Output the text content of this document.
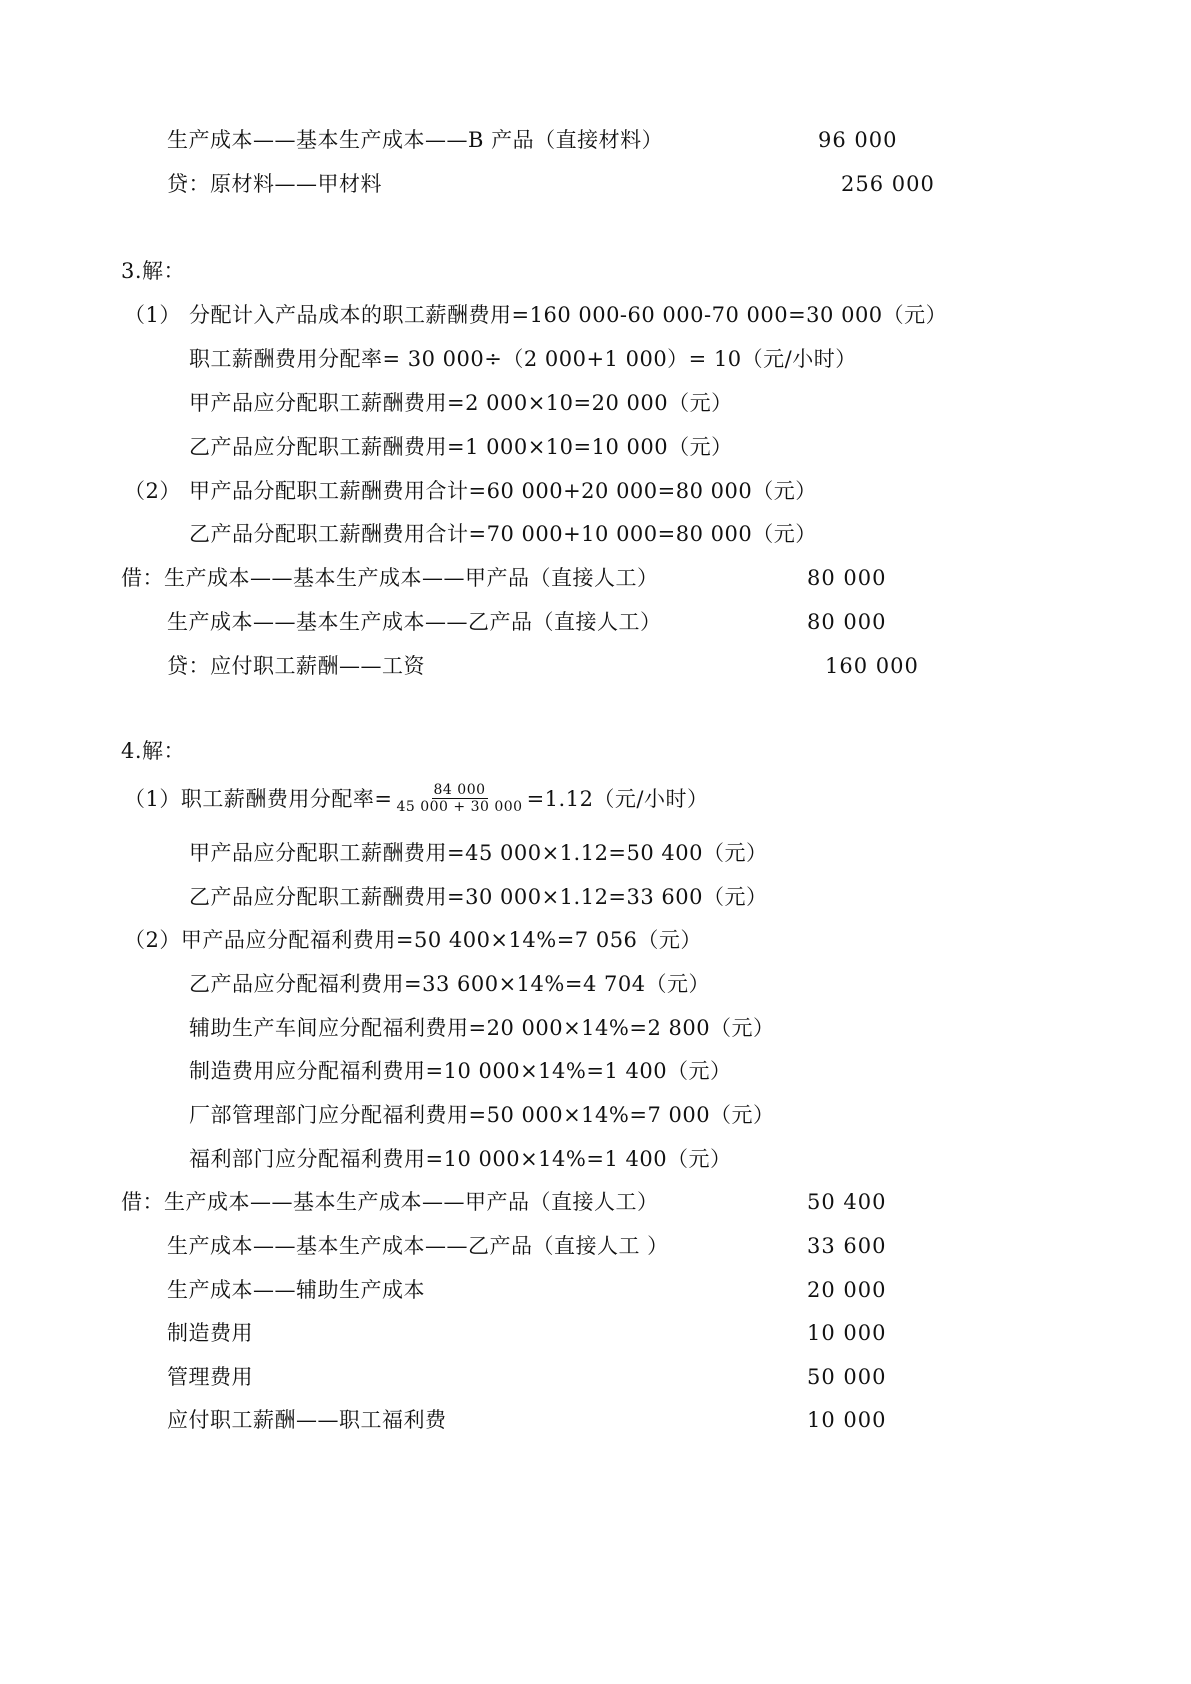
生产成本——基本生产成本——B 产品（直接材料）	96 000
贷：原材料——甲材料	256 000
3.解：
（1） 分配计入产品成本的职工薪酬费用=160 000-60 000-70 000=30 000（元）
职工薪酬费用分配率= 30 000÷（2 000+1 000）= 10（元/小时）
甲产品应分配职工薪酬费用=2 000×10=20 000（元）
乙产品应分配职工薪酬费用=1 000×10=10 000（元）
（2） 甲产品分配职工薪酬费用合计=60 000+20 000=80 000（元）
乙产品分配职工薪酬费用合计=70 000+10 000=80 000（元）
借：生产成本——基本生产成本——甲产品（直接人工）	80 000
生产成本——基本生产成本——乙产品（直接人工）	80 000
贷：应付职工薪酬——工资	160 000
4.解：
（1）职工薪酬费用分配率= $\frac{84 000}{45 000 + 30 000} =1.12$（元/小时）
甲产品应分配职工薪酬费用=45 000×1.12=50 400（元）
乙产品应分配职工薪酬费用=30 000×1.12=33 600（元）
（2）甲产品应分配福利费用=50 400×14%=7 056（元）
乙产品应分配福利费用=33 600×14%=4 704（元）
辅助生产车间应分配福利费用=20 000×14%=2 800（元）
制造费用应分配福利费用=10 000×14%=1 400（元）
厂部管理部门应分配福利费用=50 000×14%=7 000（元）
福利部门应分配福利费用=10 000×14%=1 400（元）
借：生产成本——基本生产成本——甲产品（直接人工）	50 400
生产成本——基本生产成本——乙产品（直接人工 ）	33 600
生产成本——辅助生产成本	20 000
制造费用	10 000
管理费用	50 000
应付职工薪酬——职工福利费	10 000
